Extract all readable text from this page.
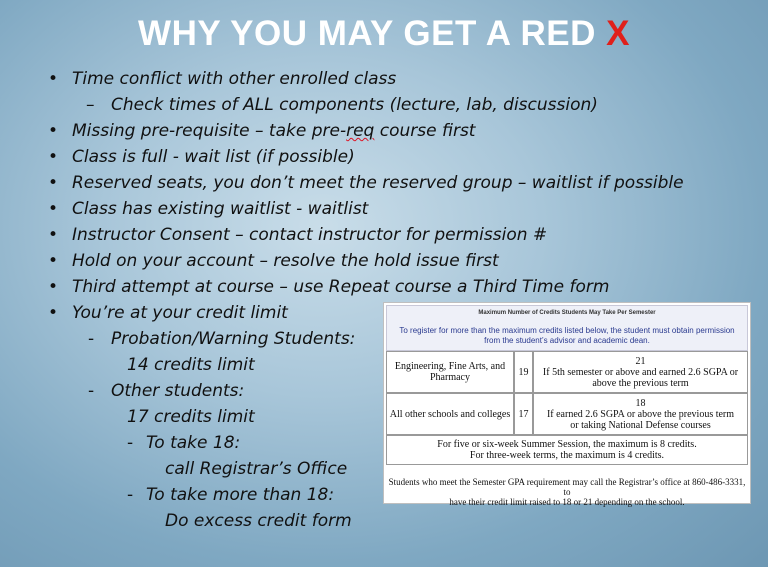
WHY YOU MAY GET A RED X
• Time conflict with other enrolled class
– Check times of ALL components (lecture, lab, discussion)
• Missing pre-requisite – take pre-req course first
• Class is full - wait list (if possible)
• Reserved seats, you don’t meet the reserved group – waitlist if possible
• Class has existing waitlist - waitlist
• Instructor Consent – contact instructor for permission #
• Hold on your account – resolve the hold issue first
• Third attempt at course – use Repeat course a Third Time form
• You’re at your credit limit
- Probation/Warning Students:
14 credits limit
- Other students:
17 credits limit
- To take 18:
call Registrar’s Office
- To take more than 18:
Do excess credit form
Maximum Number of Credits Students May Take Per Semester
To register for more than the maximum credits listed below, the student must obtain permission
from the student’s advisor and academic dean.
Engineering, Fine Arts, and
Pharmacy	19
21
If 5th semester or above and earned 2.6 SGPA or
above the previous term
All other schools and colleges 17
18
If earned 2.6 SGPA or above the previous term
or taking National Defense courses
For five or six-week Summer Session, the maximum is 8 credits.
For three-week terms, the maximum is 4 credits.
Students who meet the Semester GPA requirement may call the Registrar’s office at 860-486-3331, to
have their credit limit raised to 18 or 21 depending on the school.
